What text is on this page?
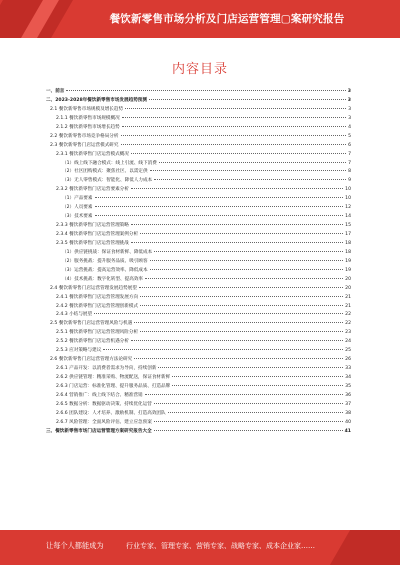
餐饮新零售市场分析及门店运营管理▢案研究报告
内容目录
一、前言	3
二、2023-2028年餐饮新零售市场发展趋势预测	3
2.1 餐饮新零售市场规模及增长趋势	3
2.1.1 餐饮新零售市场规模概况	3
2.1.2 餐饮新零售市场增长趋势	4
2.2 餐饮新零售市场竞争格局分析	5
2.3 餐饮新零售门店运营模式研究	6
2.3.1 餐饮新零售门店运营模式概况	7
（1）线上线下融合模式：线上引流、线下消费	7
（2）社区团购模式：聚焦社区、以需定供	8
（3）无人零售模式：智能化、降低人力成本	9
2.3.2 餐饮新零售门店运营要素分析	10
（1）产品要素	10
（2）人员要素	12
（3）技术要素	14
2.3.3 餐饮新零售门店运营管理策略	15
2.3.4 餐饮新零售门店运营管理案例分析	17
2.3.5 餐饮新零售门店运营管理挑战	18
（1）供应链挑战：保证食材新鲜、降低成本	18
（2）服务挑战：提升服务品质、吸引顾客	19
（3）运营挑战：提高运营效率、降低成本	19
（4）技术挑战：数字化转型、提高效率	20
2.4 餐饮新零售门店运营管理发展趋势展望	20
2.4.1 餐饮新零售门店运营管理发展方向	21
2.4.2 餐饮新零售门店运营管理创新模式	21
2.4.3 小结与展望	22
2.5 餐饮新零售门店运营管理风险与机遇	22
2.5.1 餐饮新零售门店运营管理风险分析	23
2.5.2 餐饮新零售门店运营机遇分析	24
2.5.3 应对策略与建议	25
2.6 餐饮新零售门店运营管理方法论研究	26
2.6.1 产品开发：以消费者需求为导向，持续创新	33
2.6.2 供应链管理：精准采购、物流配送，保证食材新鲜	34
2.6.3 门店运营：标准化管理、提升服务品质、打造品牌	35
2.6.4 营销推广：线上线下结合、精准营销	36
2.6.5 数据分析：数据驱动决策、持续优化运营	37
2.6.6 团队建设：人才培养、激励机制、打造高效团队	38
2.6.7 风险管理：全面风险评估、建立应急预案	40
三、餐饮新零售市场门店运营管理方案研究报告大全	41
让每个人都能成为	行业专家、管理专家、营销专家、战略专家、成本企业家……
